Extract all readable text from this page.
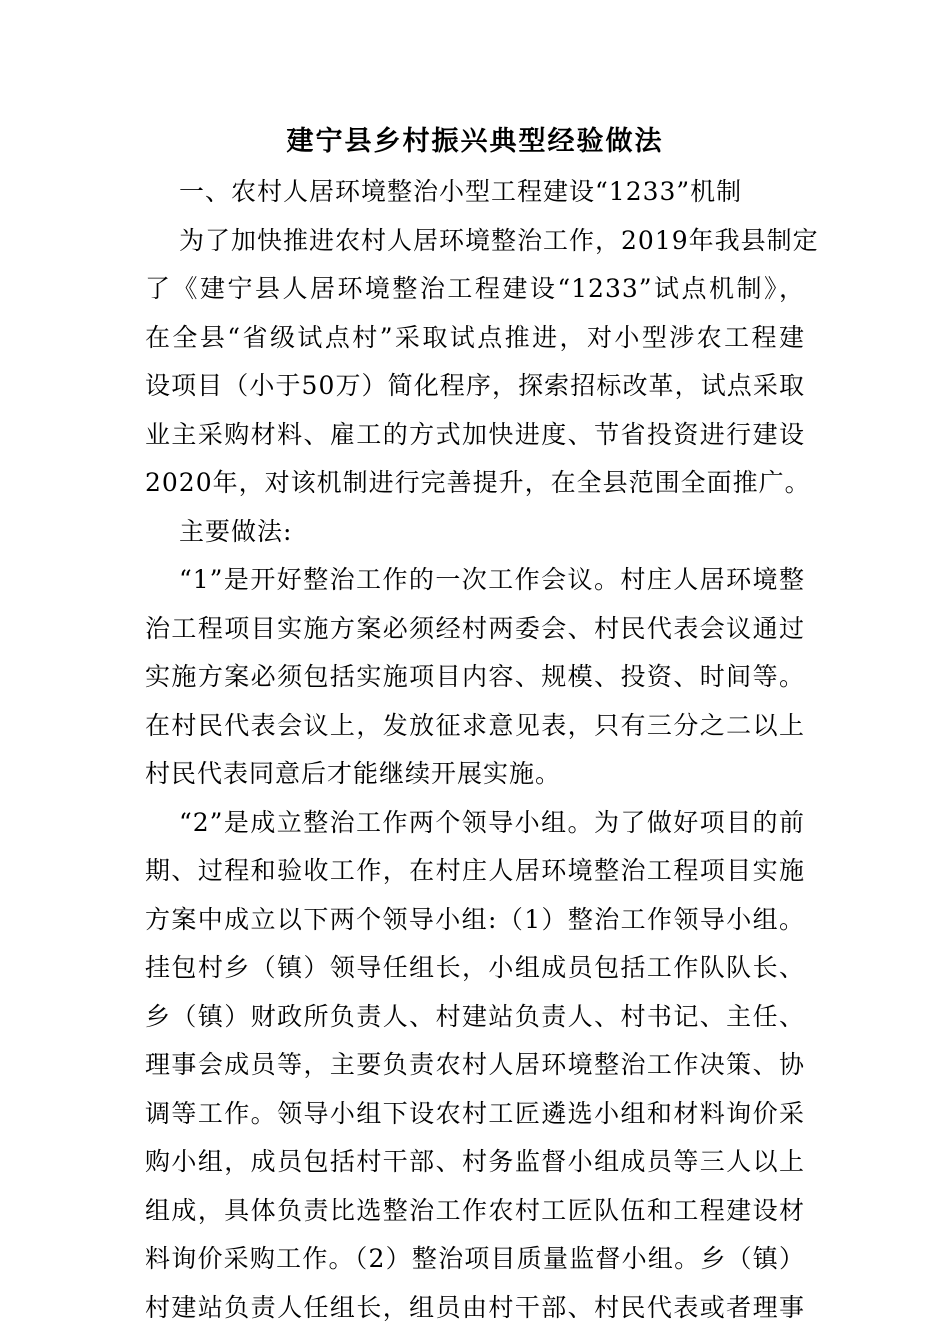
建宁县乡村振兴典型经验做法
一、农村人居环境整治小型工程建设“1233”机制
为了加快推进农村人居环境整治工作，2019年我县制定
了《建宁县人居环境整治工程建设“1233”试点机制》，
在全县“省级试点村”采取试点推进，对小型涉农工程建
设项目（小于50万）简化程序，探索招标改革，试点采取
业主采购材料、雇工的方式加快进度、节省投资进行建设
2020年，对该机制进行完善提升，在全县范围全面推广。
主要做法:
“1”是开好整治工作的一次工作会议。村庄人居环境整
治工程项目实施方案必须经村两委会、村民代表会议通过
实施方案必须包括实施项目内容、规模、投资、时间等。
在村民代表会议上，发放征求意见表，只有三分之二以上
村民代表同意后才能继续开展实施。
“2”是成立整治工作两个领导小组。为了做好项目的前
期、过程和验收工作，在村庄人居环境整治工程项目实施
方案中成立以下两个领导小组:（1）整治工作领导小组。
挂包村乡（镇）领导任组长，小组成员包括工作队队长、
乡（镇）财政所负责人、村建站负责人、村书记、主任、
理事会成员等，主要负责农村人居环境整治工作决策、协
调等工作。领导小组下设农村工匠遴选小组和材料询价采
购小组，成员包括村干部、村务监督小组成员等三人以上
组成，具体负责比选整治工作农村工匠队伍和工程建设材
料询价采购工作。（2）整治项目质量监督小组。乡（镇）
村建站负责人任组长，组员由村干部、村民代表或者理事
